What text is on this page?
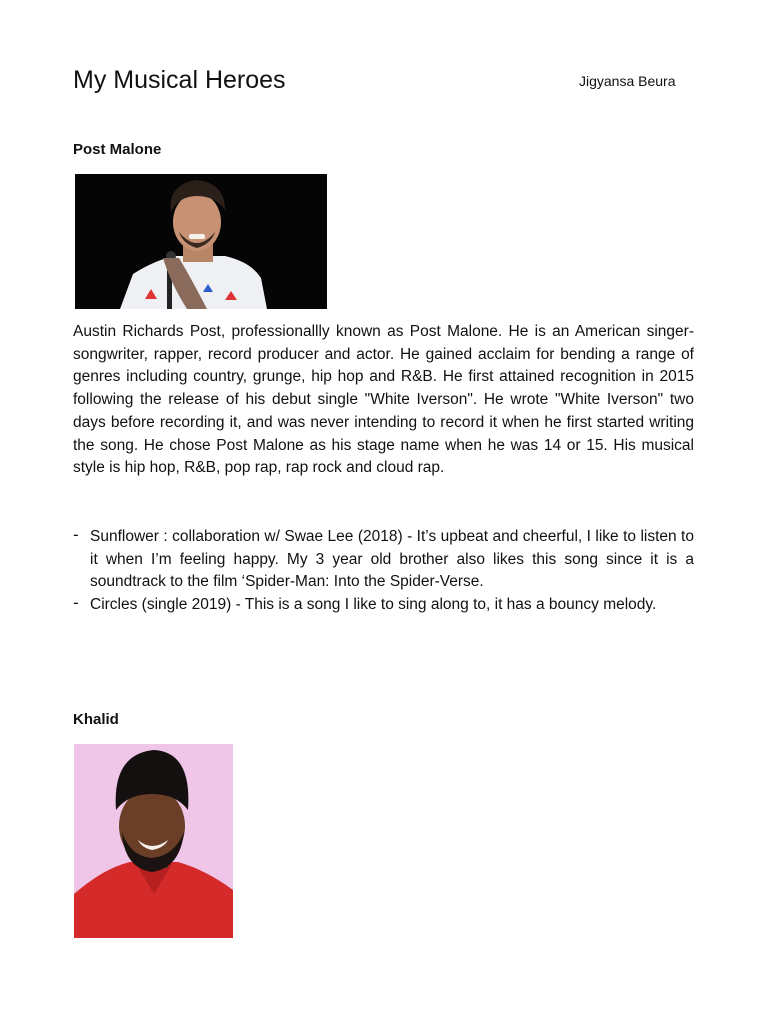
My Musical Heroes	Jigyansa Beura
Post Malone

Austin Richards Post, professionallly known as Post Malone. He is an American singer-songwriter, rapper, record producer and actor. He gained acclaim for bending a range of genres including country, grunge, hip hop and R&B. He first attained recognition in 2015 following the release of his debut single "White Iverson". He wrote "White Iverson" two days before recording it, and was never intending to record it when he first started writing the song. He chose Post Malone as his stage name when he was 14 or 15. His musical style is hip hop, R&B, pop rap, rap rock and cloud rap.

- Sunflower : collaboration w/ Swae Lee (2018) - It’s upbeat and cheerful, I like to listen to it when I’m feeling happy. My 3 year old brother also likes this song since it is a soundtrack to the film ‘Spider-Man: Into the Spider-Verse.
- Circles (single 2019) - This is a song I like to sing along to, it has a bouncy melody.
Khalid
